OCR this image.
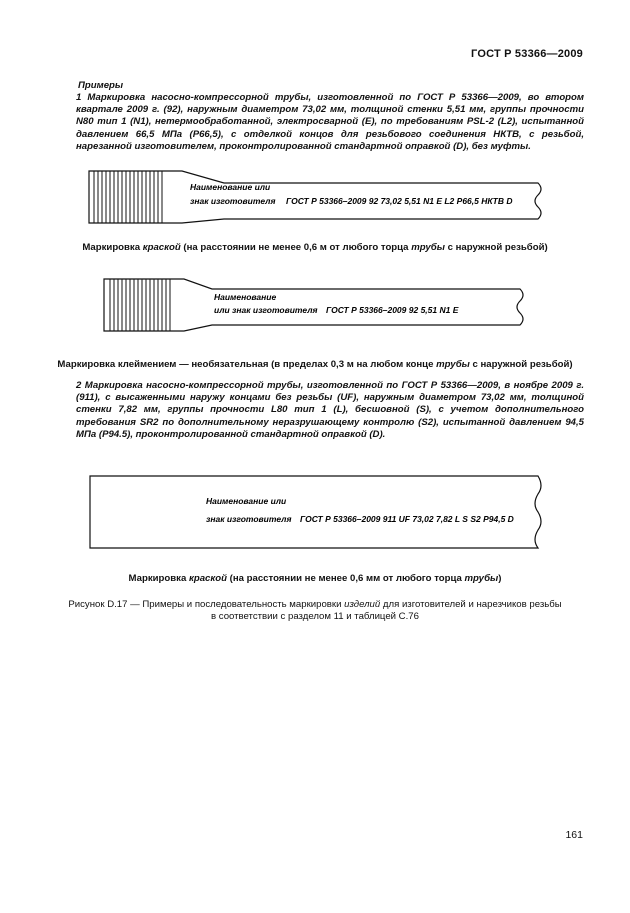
ГОСТ Р 53366—2009
Примеры
1 Маркировка насосно-компрессорной трубы, изготовленной по ГОСТ Р 53366—2009, во втором квартале 2009 г. (92), наружным диаметром 73,02 мм, толщиной стенки 5,51 мм, группы прочности N80 тип 1 (N1), нетермообработанной, электросварной (E), по требованиям PSL-2 (L2), испытанной давлением 66,5 МПа (Р66,5), с отделкой концов для резьбового соединения НКТВ, с резьбой, нарезанной изготовителем, проконтролированной стандартной оправкой (D), без муфты.
Наименование или
знак изготовителя ГОСТ Р 53366–2009 92 73,02 5,51 N1 E L2 P66,5 НКТВ D
Маркировка краской (на расстоянии не менее 0,6 м от любого торца трубы с наружной резьбой)
Наименование
или знак изготовителя ГОСТ Р 53366–2009 92 5,51 N1 E
Маркировка клеймением — необязательная (в пределах 0,3 м на любом конце трубы с наружной резьбой)
2 Маркировка насосно-компрессорной трубы, изготовленной по ГОСТ Р 53366—2009, в ноябре 2009 г. (911), с высаженными наружу концами без резьбы (UF), наружным диаметром 73,02 мм, толщиной стенки 7,82 мм, группы прочности L80 тип 1 (L), бесшовной (S), с учетом дополнительного требования SR2 по дополнительному неразрушающему контролю (S2), испытанной давлением 94,5 МПа (Р94.5), проконтролированной стандартной оправкой (D).
Наименование или
знак изготовителя ГОСТ Р 53366–2009 911 UF 73,02 7,82 L S S2 P94,5 D
Маркировка краской (на расстоянии не менее 0,6 мм от любого торца трубы)
Рисунок D.17 — Примеры и последовательность маркировки изделий для изготовителей и нарезчиков резьбы
в соответствии с разделом 11 и таблицей С.76
161
